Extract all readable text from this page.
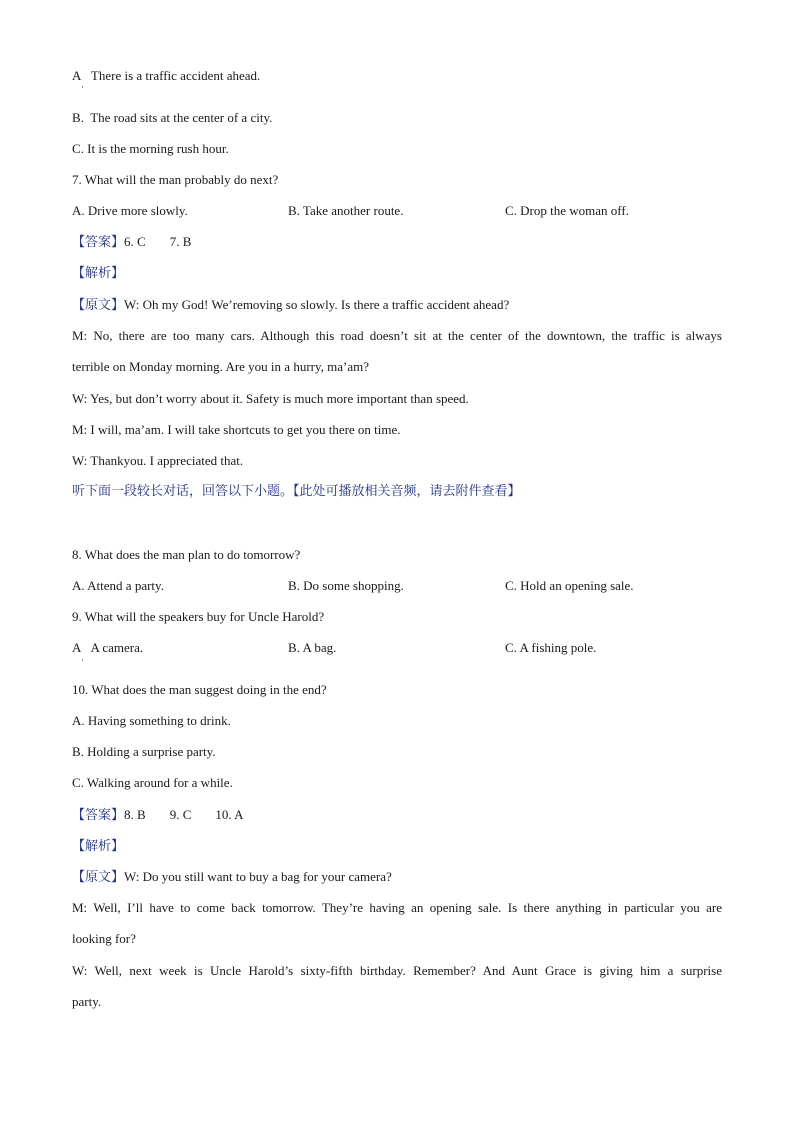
A There is a traffic accident ahead.
·
B. The road sits at the center of a city.
C. It is the morning rush hour.
7. What will the man probably do next?
A. Drive more slowly.	B. Take another route.	C. Drop the woman off.
【答案】6. C 7. B
【解析】
【原文】W: Oh my God! We’removing so slowly. Is there a traffic accident ahead?
M: No, there are too many cars. Although this road doesn’t sit at the center of the downtown, the traffic is always
terrible on Monday morning. Are you in a hurry, ma’am?
W: Yes, but don’t worry about it. Safety is much more important than speed.
M: I will, ma’am. I will take shortcuts to get you there on time.
W: Thankyou. I appreciated that.
听下面一段较长对话，回答以下小题。【此处可播放相关音频，请去附件查看】
8. What does the man plan to do tomorrow?
A. Attend a party.	B. Do some shopping.	C. Hold an opening sale.
9. What will the speakers buy for Uncle Harold?
A A camera.	B. A bag.	C. A fishing pole.
·
10. What does the man suggest doing in the end?
A. Having something to drink.
B. Holding a surprise party.
C. Walking around for a while.
【答案】8. B 9. C 10. A
【解析】
【原文】W: Do you still want to buy a bag for your camera?
M: Well, I’ll have to come back tomorrow. They’re having an opening sale. Is there anything in particular you are
looking for?
W: Well, next week is Uncle Harold’s sixty-fifth birthday. Remember? And Aunt Grace is giving him a surprise
party.
